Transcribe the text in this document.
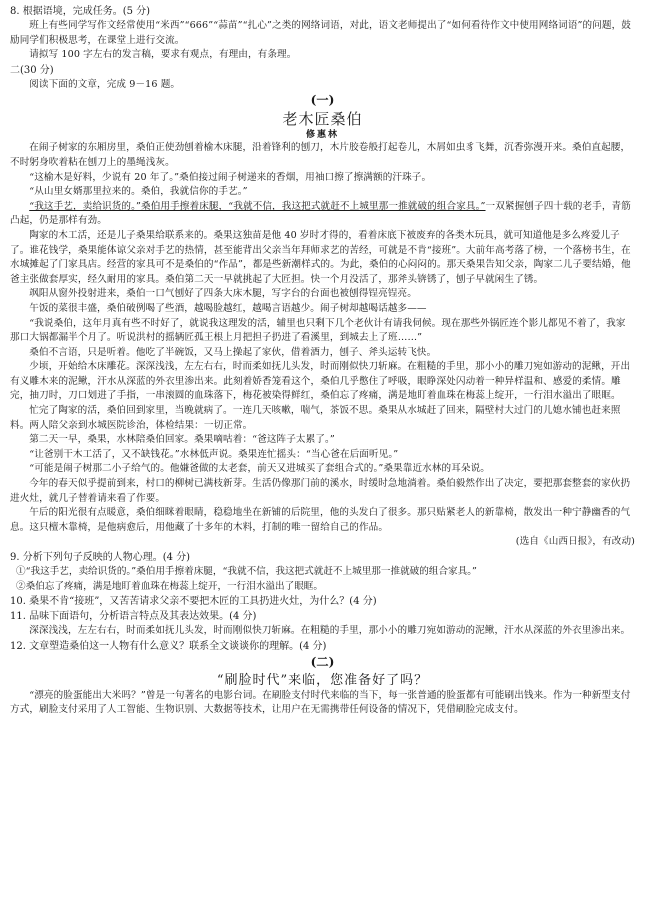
8. 根据语境，完成任务。(5 分)

班上有些同学写作文经常使用“米西”“666”“蒜苗”“扎心”之类的网络词语，对此，语文老师提出了“如何看待作文中使用网络词语”的问题，鼓励同学们积极思考，在课堂上进行交流。

请拟写 100 字左右的发言稿，要求有观点，有理由，有条理。

二(30 分)

阅读下面的文章，完成 9－16 题。

(一)

老木匠桑伯

修惠林

在闹子树家的东厢房里，桑伯正使劲刨着榆木床腿，沿着锋利的刨刀，木片胶卷般打起卷儿，木屑如虫豸飞舞，沉香弥漫开来。桑伯直起腰，不时躬身吹着粘在刨刀上的墨绳浅灰。

“这榆木是好料，少说有 20 年了。”桑伯接过闹子树递来的香烟，用袖口擦了擦满额的汗珠子。

“从山里女婿那里拉来的。桑伯，我就信你的手艺。”

“我这手艺，卖给识货的。”桑伯用手擦着床腿，“我就不信，我这把式就赶不上城里那一推就破的组合家具。”一双紧握刨子四十载的老手，青筋凸起，仍是那样有劲。

陶家的木工活，还是儿子桑果给联系来的。桑果这独苗是他 40 岁时才得的，看着床底下被废弃的各类木玩具，就可知道他是多么疼爱儿子了。谁花钱学，桑果能体谅父亲对手艺的热情，甚至能背出父亲当年拜师求艺的苦经，可就是不肯“接班”。大前年高考落了榜，一个落榜书生，在水城摊起了门家具店。经营的家具可不是桑伯的“作品”，都是些新潮样式的。为此，桑伯的心闷闷的。那天桑果告知父亲，陶家二儿子要结婚，他爸主张做套厚实，经久耐用的家具。桑伯第二天一早就挑起了大匠担。快一个月没活了，那斧头锛锈了，刨子早就闲生了锈。

飒阳从窗外投射进来，桑伯一口气刨好了四条大床木腿，写字台的台面也被刨得锃亮锃亮。

午饭的菜很丰盛，桑伯破例喝了些酒，越喝脸越红，越喝言语越少。闹子树却越喝话越多——

“我说桑伯，这年月真有些不时好了，就说我这理发的活，辅里也只剩下几个老伙计有请我伺候。现在那些外锅匠连个影儿都见不着了，我家那口大锅都漏半个月了。听说洪村的摇辆匠孤王根上月把担子扔进了看溪里，到城去上了班……”

桑伯不言语，只是听着。他吃了半碗饭，又马上操起了家伙，借着酒力，刨子、斧头运转飞快。

少顷，开始给木床雕花。深深浅浅，左左右右，时而柔如抚儿头发，时而刚似快刀斩麻。在粗糙的手里，那小小的雕刀宛如游动的泥鳅，开出有义雕木来的泥鳅，汗水从深蓝的外衣里渗出来。此刻着娇香笼看这个，桑伯几乎憋住了呼吸，眼睁深处闪动着一种异样温和、感爱的柔情。雕完，抽刀时，刀口划进了手指，一串滚圆的血珠落下，梅花被染得鲜红，桑伯忘了疼痛，满是地盯着血珠在梅蕊上绽开，一行泪水溢出了眼眶。

忙完了陶家的活，桑伯回到家里，当晚就病了。一连几天咳嗽，喘气，茶饭不思。桑果从水城赶了回来，隔壁村大过门的儿媳水铺也赶来照料。两人陪父亲到水城医院诊治，体检结果：一切正常。

第二天一早，桑果，水林陪桑伯回家。桑果嘀咕着：“爸这阵子太累了。”

“让爸别干木工活了，又不缺钱花。”水林低声说。桑果连忙摇头：“当心爸在后面听见。”

“可能是闹子树那二小子给气的。他嫌爸做的太老套，前天又进城买了套组合式的。”桑果靠近水林的耳朵说。

今年的春天似乎提前到来，村口的柳树已满枝新芽。生活仍像那门前的溪水，时缓时急地淌着。桑伯毅然作出了决定，要把那套整套的家伙扔进火灶，就几子替着请来看了作要。

午后的阳光很有点暖意，桑伯细眯着眼睛，稳稳地坐在新铺的后院里，他的头发白了很多。那只贴紧老人的新靠椅，散发出一种宁静幽香的气息。这只檀木靠椅，是他病愈后，用他藏了十多年的木料，打制的唯一留给自己的作品。

(选自《山西日报》，有改动)

9. 分析下列句子反映的人物心理。(4 分)

①“我这手艺，卖给识货的。”桑伯用手擦着床腿，“我就不信，我这把式就赶不上城里那一推就破的组合家具。”

②桑伯忘了疼痛，满是地盯着血珠在梅蕊上绽开，一行泪水溢出了眼眶。

10. 桑果不肯“接班”，又苦苦请求父亲不要把木匠的工具扔进火灶，为什么？(4 分)

11. 品味下面语句，分析语言特点及其表达效果。(4 分)

深深浅浅，左左右右，时而柔如抚儿头发，时而刚似快刀斩麻。在粗糙的手里，那小小的雕刀宛如游动的泥鳅，汗水从深蓝的外衣里渗出来。

12. 文章塑造桑伯这一人物有什么意义？联系全文谈谈你的理解。(4 分)

(二)

“刷脸时代”来临，您准备好了吗？

“漂亮的脸蛋能出大米吗？”曾是一句著名的电影台词。在刷脸支付时代来临的当下，每一张普通的脸蛋都有可能刷出钱来。作为一种新型支付方式，刷脸支付采用了人工智能、生物识别、大数据等技术，让用户在无需携带任何设备的情况下，凭借刷脸完成支付。
